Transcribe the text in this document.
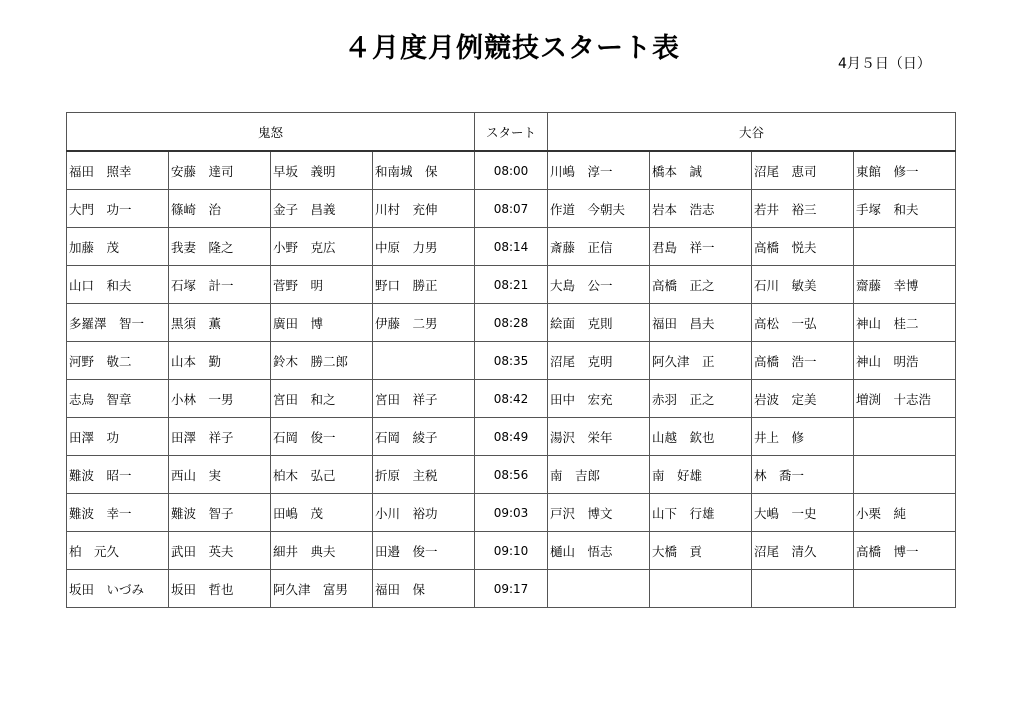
４月度月例競技スタート表	4月５日（日）
鬼怒				スタート	大谷			
福田　照幸	安藤　達司	早坂　義明	和南城　保	08:00	川嶋　淳一	橋本　誠	沼尾　恵司	東館　修一
大門　功一	篠崎　治	金子　昌義	川村　充伸	08:07	作道　今朝夫	岩本　浩志	若井　裕三	手塚　和夫
加藤　茂	我妻　隆之	小野　克広	中原　力男	08:14	斎藤　正信	君島　祥一	高橋　悦夫	
山口　和夫	石塚　計一	菅野　明	野口　勝正	08:21	大島　公一	高橋　正之	石川　敏美	齋藤　幸博
多羅澤　智一	黒須　薫	廣田　博	伊藤　二男	08:28	絵面　克則	福田　昌夫	高松　一弘	神山　桂二
河野　敬二	山本　勤	鈴木　勝二郎		08:35	沼尾　克明	阿久津　正	高橋　浩一	神山　明浩
志鳥　智章	小林　一男	宮田　和之	宮田　祥子	08:42	田中　宏充	赤羽　正之	岩波　定美	増渕　十志浩
田澤　功	田澤　祥子	石岡　俊一	石岡　綾子	08:49	湯沢　栄年	山越　欽也	井上　修	
難波　昭一	西山　実	柏木　弘己	折原　主税	08:56	南　吉郎	南　好雄	林　喬一	
難波　幸一	難波　智子	田嶋　茂	小川　裕功	09:03	戸沢　博文	山下　行雄	大嶋　一史	小栗　純
柏　元久	武田　英夫	細井　典夫	田邉　俊一	09:10	樋山　悟志	大橋　貢	沼尾　清久	高橋　博一
坂田　いづみ	坂田　哲也	阿久津　富男	福田　保	09:17				
